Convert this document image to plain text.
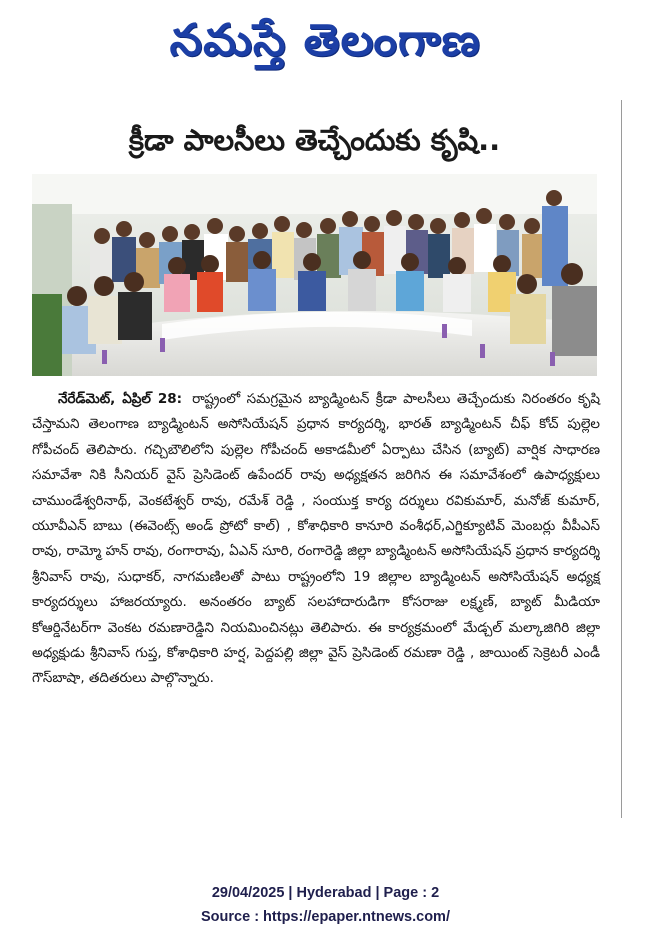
నమస్తే తెలంగాణ
క్రీడా పాలసీలు తెచ్చేందుకు కృషి..
నేరేడ్‌మెట్, ఏప్రిల్ 28: రాష్ట్రంలో సమగ్రమైన బ్యాడ్మింటన్ క్రీడా పాలసీలు తెచ్చేందుకు నిరంతరం కృషి చేస్తామని తెలంగాణ బ్యాడ్మింటన్ అసోసియేషన్ ప్రధాన కార్యదర్శి, భారత్ బ్యాడ్మింటన్ చీఫ్ కోచ్ పుల్లెల గోపీచంద్ తెలిపారు. గచ్చిబౌలిలోని పుల్లెల గోపీచంద్ అకాడమీలో ఏర్పాటు చేసిన (బ్యాట్) వార్షిక సాధారణ సమావేశా నికి సీనియర్ వైస్ ప్రెసిడెంట్ ఉపేందర్ రావు అధ్యక్షతన జరిగిన ఈ సమావేశంలో ఉపాధ్యక్షులు చాముండేశ్వరినాథ్, వెంకటేశ్వర్ రావు, రమేశ్ రెడ్డి , సంయుక్త కార్య దర్శులు రవికుమార్, మనోజ్ కుమార్, యూవీఎన్ బాబు (ఈవెంట్స్ అండ్ ప్రోటో కాల్) , కోశాధికారి కానూరి వంశీధర్,ఎగ్జిక్యూటివ్ మెంబర్లు వీపీఎస్ రావు, రామ్మో హన్ రావు, రంగారావు, ఏఎన్ సూరి, రంగారెడ్డి జిల్లా బ్యాడ్మింటన్ అసోసియేషన్ ప్రధాన కార్యదర్శి శ్రీనివాస్ రావు, సుధాకర్, నాగమణిలతో పాటు రాష్ట్రంలోని 19 జిల్లాల బ్యాడ్మింటన్ అసోసియేషన్ అధ్యక్ష కార్యదర్శులు హాజరయ్యారు. అనంతరం బ్యాట్ సలహాదారుడిగా కోసరాజు లక్ష్మణ్, బ్యాట్ మీడియా కోఆర్డినేటర్‌గా వెంకట రమణారెడ్డిని నియమించినట్లు తెలిపారు. ఈ కార్యక్రమంలో మేడ్చల్ మల్కాజిగిరి జిల్లా అధ్యక్షుడు శ్రీనివాస్ గుప్త, కోశాధికారి హర్ష, పెద్దపల్లి జిల్లా వైస్ ప్రెసిడెంట్ రమణా రెడ్డి , జాయింట్ సెక్రెటరీ ఎండీ గౌస్‌బాషా, తదితరులు పాల్గొన్నారు.
29/04/2025 | Hyderabad | Page : 2
Source : https://epaper.ntnews.com/
